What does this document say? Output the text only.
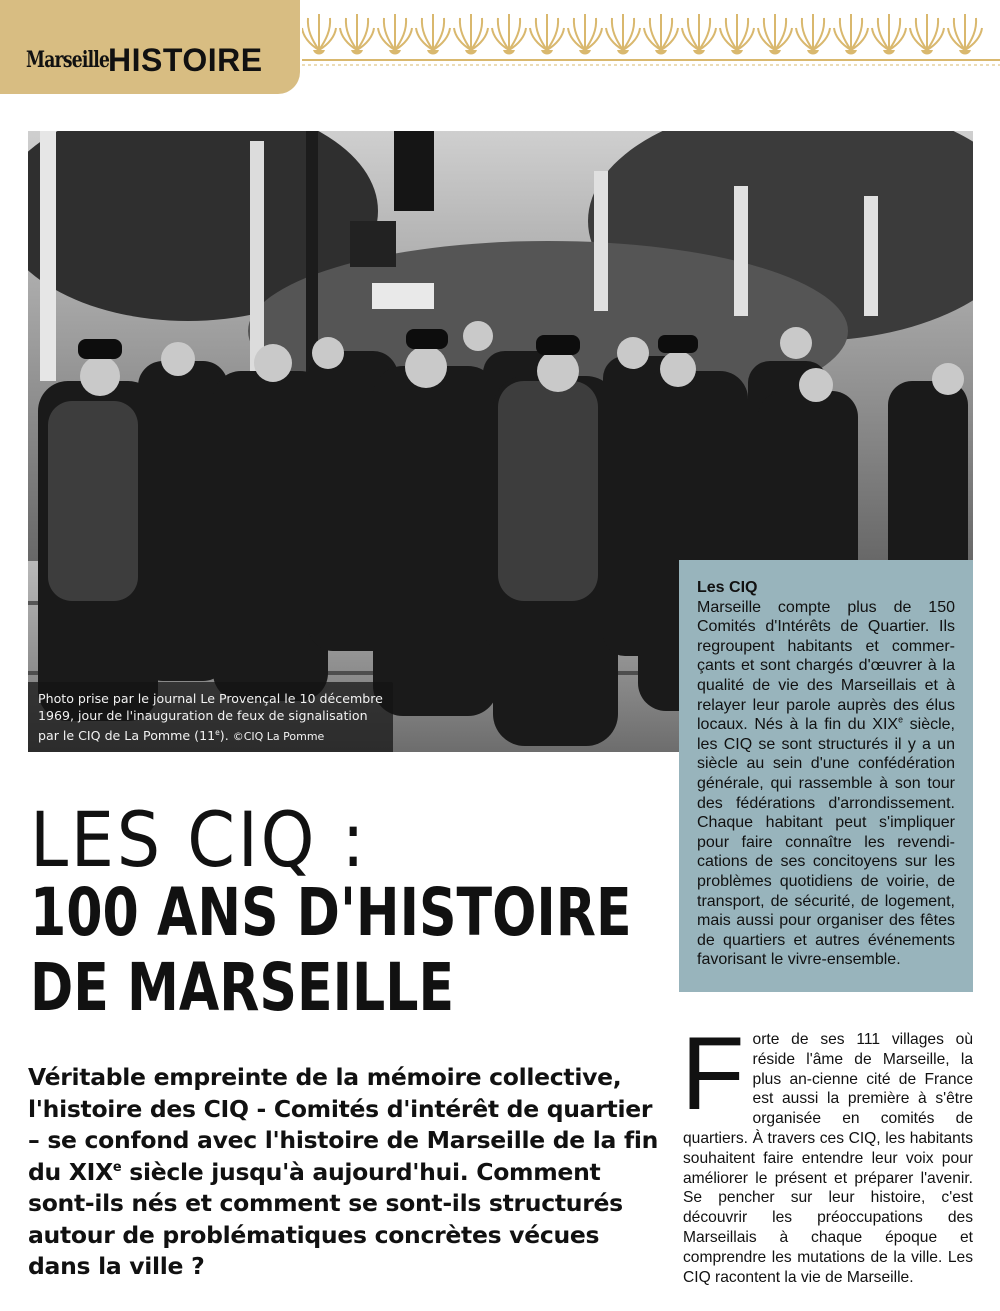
Marseille
HISTOIRE
Photo prise par le journal Le Provençal le 10 décembre
1969, jour de l'inauguration de feux de signalisation
par le CIQ de La Pomme (11e). ©CIQ La Pomme
Les CIQ
Marseille compte plus de 150 Comités d'Intérêts de Quartier. Ils regroupent habitants et commer-çants et sont chargés d'œuvrer à la qualité de vie des Marseillais et à relayer leur parole auprès des élus locaux. Nés à la fin du XIXe siècle, les CIQ se sont structurés il y a un siècle au sein d'une confédération générale, qui rassemble à son tour des fédérations d'arrondissement. Chaque habitant peut s'impliquer pour faire connaître les revendi-cations de ses concitoyens sur les problèmes quotidiens de voirie, de transport, de sécurité, de logement, mais aussi pour organiser des fêtes de quartiers et autres événements favorisant le vivre-ensemble.
LES CIQ :
100 ANS D'HISTOIRE
DE MARSEILLE
Véritable empreinte de la mémoire collective, l'histoire des CIQ - Comités d'intérêt de quartier – se confond avec l'histoire de Marseille de la fin du XIXe siècle jusqu'à aujourd'hui. Comment sont-ils nés et comment se sont-ils structurés autour de problématiques concrètes vécues dans la ville ?
F orte de ses 111 villages où réside l'âme de Marseille, la plus an-cienne cité de France est aussi la première à s'être organisée en comités de quartiers. À travers ces CIQ, les habitants souhaitent faire entendre leur voix pour améliorer le présent et préparer l'avenir. Se pencher sur leur histoire, c'est découvrir les préoccupations des Marseillais à chaque époque et comprendre les mutations de la ville. Les CIQ racontent la vie de Marseille.
